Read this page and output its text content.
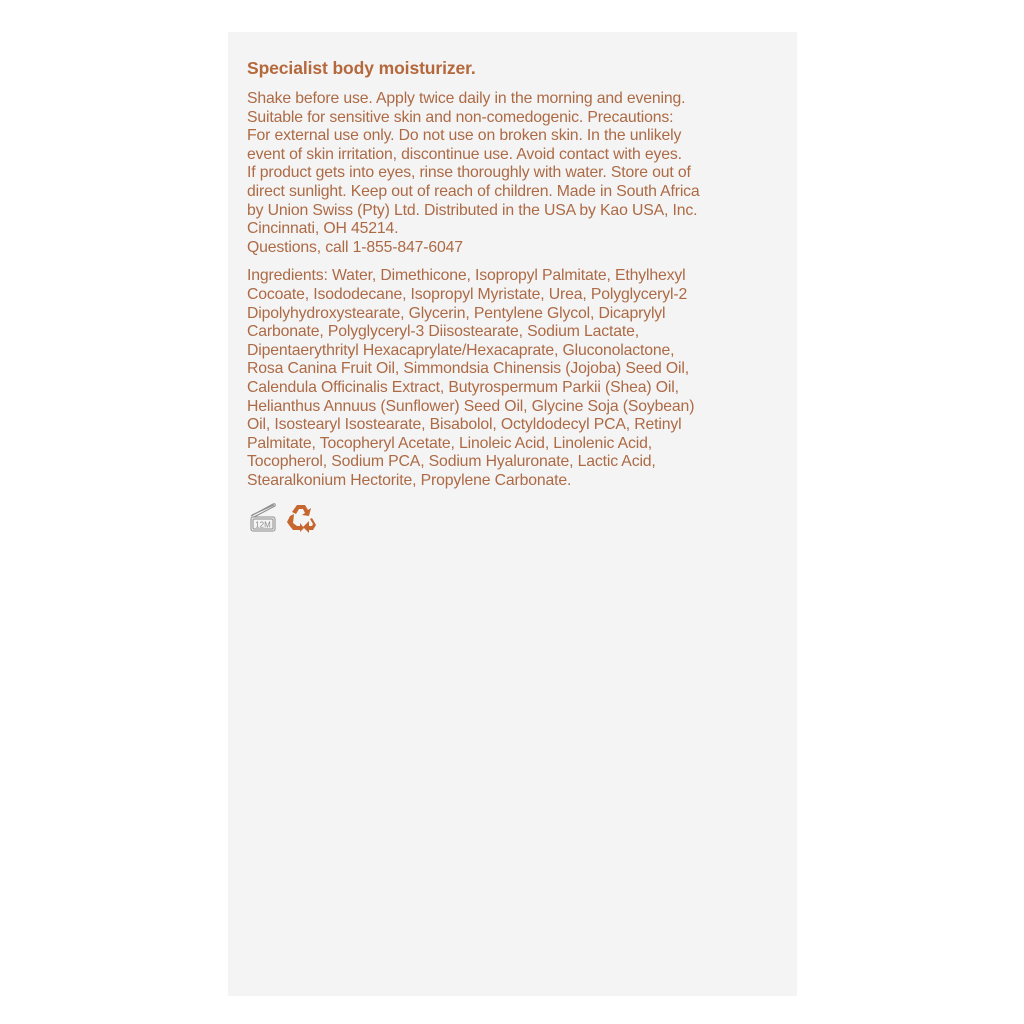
Specialist body moisturizer.

Shake before use. Apply twice daily in the morning and evening.
Suitable for sensitive skin and non-comedogenic. Precautions:
For external use only. Do not use on broken skin. In the unlikely
event of skin irritation, discontinue use. Avoid contact with eyes.
If product gets into eyes, rinse thoroughly with water. Store out of
direct sunlight. Keep out of reach of children. Made in South Africa
by Union Swiss (Pty) Ltd. Distributed in the USA by Kao USA, Inc.
Cincinnati, OH 45214.
Questions, call 1-855-847-6047

Ingredients: Water, Dimethicone, Isopropyl Palmitate, Ethylhexyl
Cocoate, Isododecane, Isopropyl Myristate, Urea, Polyglyceryl-2
Dipolyhydroxystearate, Glycerin, Pentylene Glycol, Dicaprylyl
Carbonate, Polyglyceryl-3 Diisostearate, Sodium Lactate,
Dipentaerythrityl Hexacaprylate/Hexacaprate, Gluconolactone,
Rosa Canina Fruit Oil, Simmondsia Chinensis (Jojoba) Seed Oil,
Calendula Officinalis Extract, Butyrospermum Parkii (Shea) Oil,
Helianthus Annuus (Sunflower) Seed Oil, Glycine Soja (Soybean)
Oil, Isostearyl Isostearate, Bisabolol, Octyldodecyl PCA, Retinyl
Palmitate, Tocopheryl Acetate, Linoleic Acid, Linolenic Acid,
Tocopherol, Sodium PCA, Sodium Hyaluronate, Lactic Acid,
Stearalkonium Hectorite, Propylene Carbonate.

12M
